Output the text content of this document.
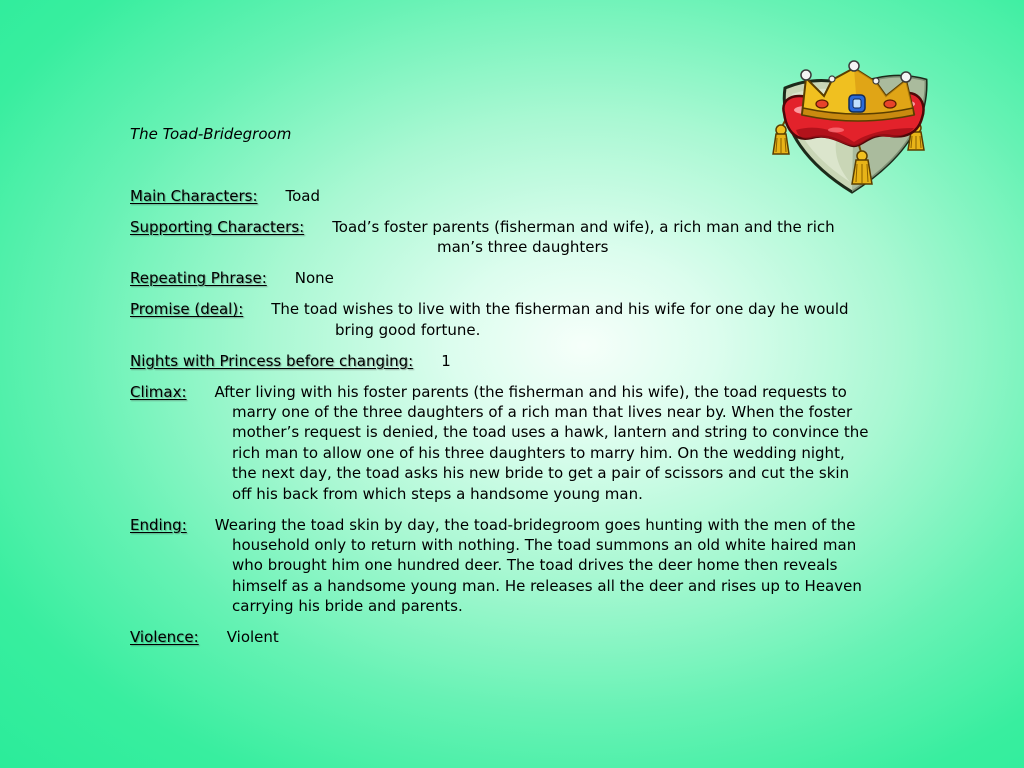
The Toad-Bridegroom
Main Characters: Toad
Supporting Characters: Toad’s foster parents (fisherman and wife), a rich man and the rich
man’s three daughters
Repeating Phrase: None
Promise (deal): The toad wishes to live with the fisherman and his wife for one day he would
bring good fortune.
Nights with Princess before changing: 1
Climax: After living with his foster parents (the fisherman and his wife), the toad requests to
marry one of the three daughters of a rich man that lives near by. When the foster
mother’s request is denied, the toad uses a hawk, lantern and string to convince the
rich man to allow one of his three daughters to marry him. On the wedding night,
the next day, the toad asks his new bride to get a pair of scissors and cut the skin
off his back from which steps a handsome young man.
Ending: Wearing the toad skin by day, the toad-bridegroom goes hunting with the men of the
household only to return with nothing. The toad summons an old white haired man
who brought him one hundred deer. The toad drives the deer home then reveals
himself as a handsome young man. He releases all the deer and rises up to Heaven
carrying his bride and parents.
Violence: Violent
